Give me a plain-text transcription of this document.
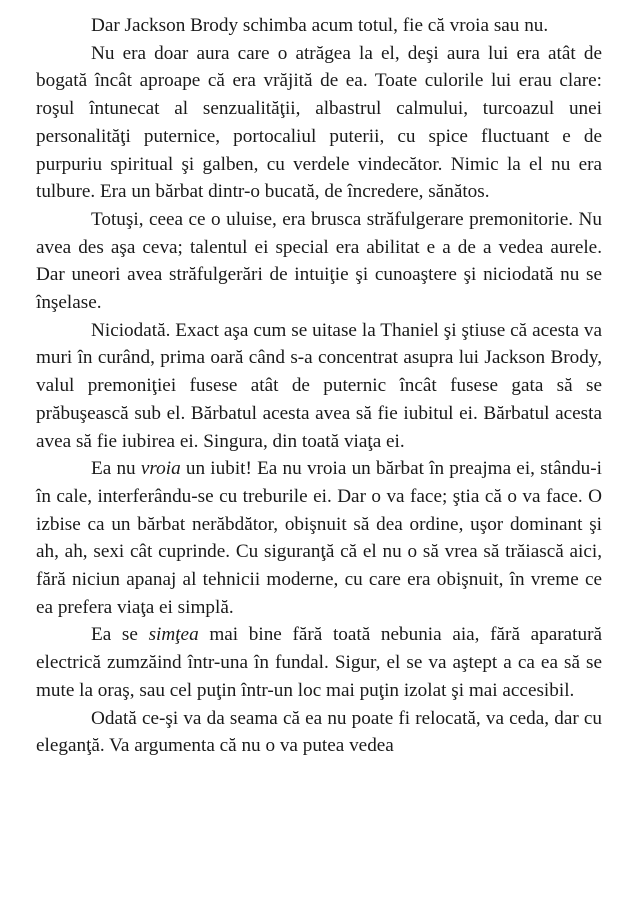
Dar Jackson Brody schimba acum totul, fie că vroia sau nu.

Nu era doar aura care o atrăgea la el, deşi aura lui era atât de bogată încât aproape că era vrăjită de ea. Toate culorile lui erau clare: roşul întunecat al senzualităţii, albastrul calmului, turcoazul unei personalităţi puternice, portocaliul puterii, cu spice fluctuant e de purpuriu spiritual şi galben, cu verdele vindecător. Nimic la el nu era tulbure. Era un bărbat dintr-o bucată, de încredere, sănătos.

Totuşi, ceea ce o uluise, era brusca străfulgerare premonitorie. Nu avea des aşa ceva; talentul ei special era abilitat e a de a vedea aurele. Dar uneori avea străfulgerări de intuiţie şi cunoaştere şi niciodată nu se înşelase.

Niciodată. Exact aşa cum se uitase la Thaniel şi ştiuse că acesta va muri în curând, prima oară când s-a concentrat asupra lui Jackson Brody, valul premoniţiei fusese atât de puternic încât fusese gata să se prăbuşească sub el. Bărbatul acesta avea să fie iubitul ei. Bărbatul acesta avea să fie iubirea ei. Singura, din toată viaţa ei.

Ea nu vroia un iubit! Ea nu vroia un bărbat în preajma ei, stându-i în cale, interferându-se cu treburile ei. Dar o va face; ştia că o va face. O izbise ca un bărbat nerăbdător, obişnuit să dea ordine, uşor dominant şi ah, ah, sexi cât cuprinde. Cu siguranţă că el nu o să vrea să trăiască aici, fără niciun apanaj al tehnicii moderne, cu care era obişnuit, în vreme ce ea prefera viaţa ei simplă.

Ea se simţea mai bine fără toată nebunia aia, fără aparatură electrică zumzăind într-una în fundal. Sigur, el se va aştept a ca ea să se mute la oraş, sau cel puţin într-un loc mai puţin izolat şi mai accesibil.

Odată ce-şi va da seama că ea nu poate fi relocată, va ceda, dar cu eleganţă. Va argumenta că nu o va putea vedea
